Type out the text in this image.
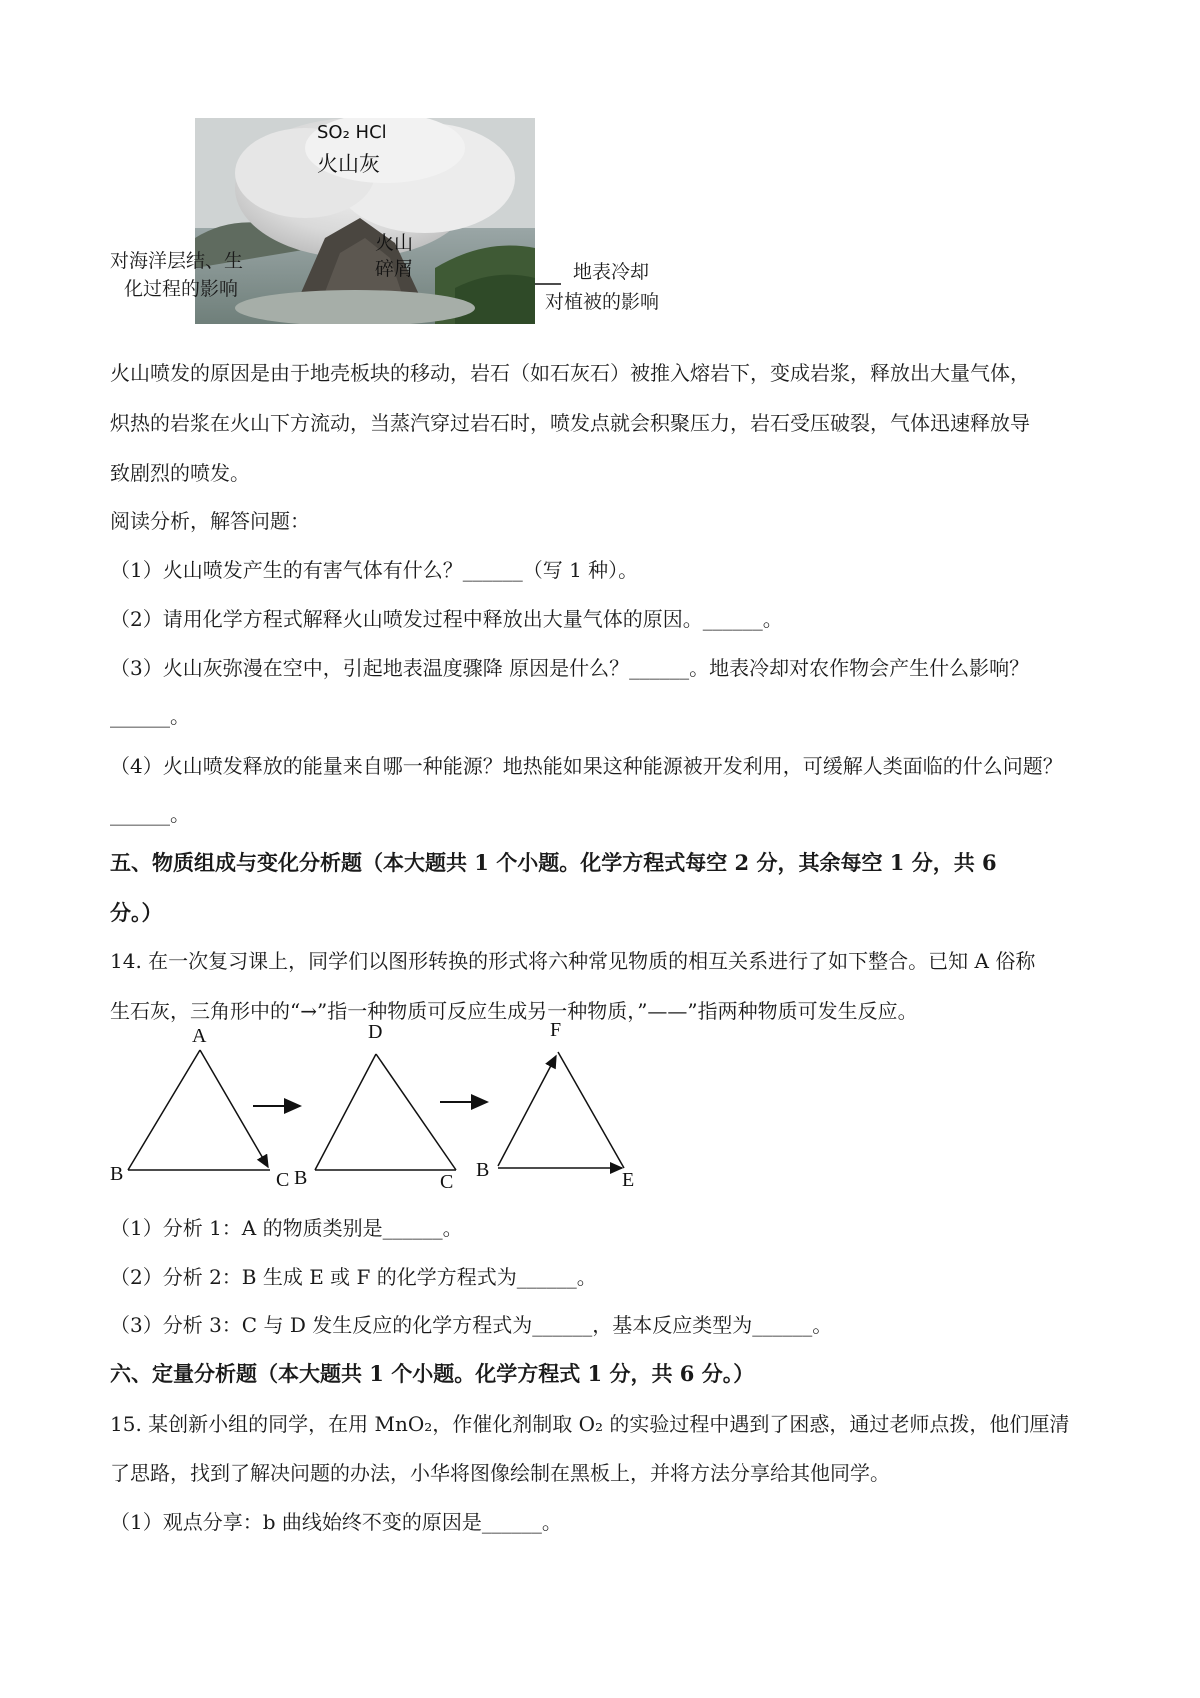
SO₂ HCl
火山灰
火山
碎屑
对海洋层结、生
化过程的影响
地表冷却
对植被的影响
火山喷发的原因是由于地壳板块的移动，岩石（如石灰石）被推入熔岩下，变成岩浆，释放出大量气体，
炽热的岩浆在火山下方流动，当蒸汽穿过岩石时，喷发点就会积聚压力，岩石受压破裂，气体迅速释放导
致剧烈的喷发。
阅读分析，解答问题：
（1）火山喷发产生的有害气体有什么？______（写 1 种）。
（2）请用化学方程式解释火山喷发过程中释放出大量气体的原因。______。
（3）火山灰弥漫在空中，引起地表温度骤降 原因是什么？______。地表冷却对农作物会产生什么影响？
______。
（4）火山喷发释放的能量来自哪一种能源？地热能如果这种能源被开发利用，可缓解人类面临的什么问题？
______。
五、物质组成与变化分析题（本大题共 1 个小题。化学方程式每空 2 分，其余每空 1 分，共 6
分。）
14. 在一次复习课上，同学们以图形转换的形式将六种常见物质的相互关系进行了如下整合。已知 A 俗称
生石灰，三角形中的“→”指一种物质可反应生成另一种物质，”——”指两种物质可发生反应。
A
B	C
D
B	C
F
B	E
（1）分析 1：A 的物质类别是______。
（2）分析 2：B 生成 E 或 F 的化学方程式为______。
（3）分析 3：C 与 D 发生反应的化学方程式为______，基本反应类型为______。
六、定量分析题（本大题共 1 个小题。化学方程式 1 分，共 6 分。）
15. 某创新小组的同学，在用 MnO₂，作催化剂制取 O₂ 的实验过程中遇到了困惑，通过老师点拨，他们厘清
了思路，找到了解决问题的办法，小华将图像绘制在黑板上，并将方法分享给其他同学。
（1）观点分享：b 曲线始终不变的原因是______。
